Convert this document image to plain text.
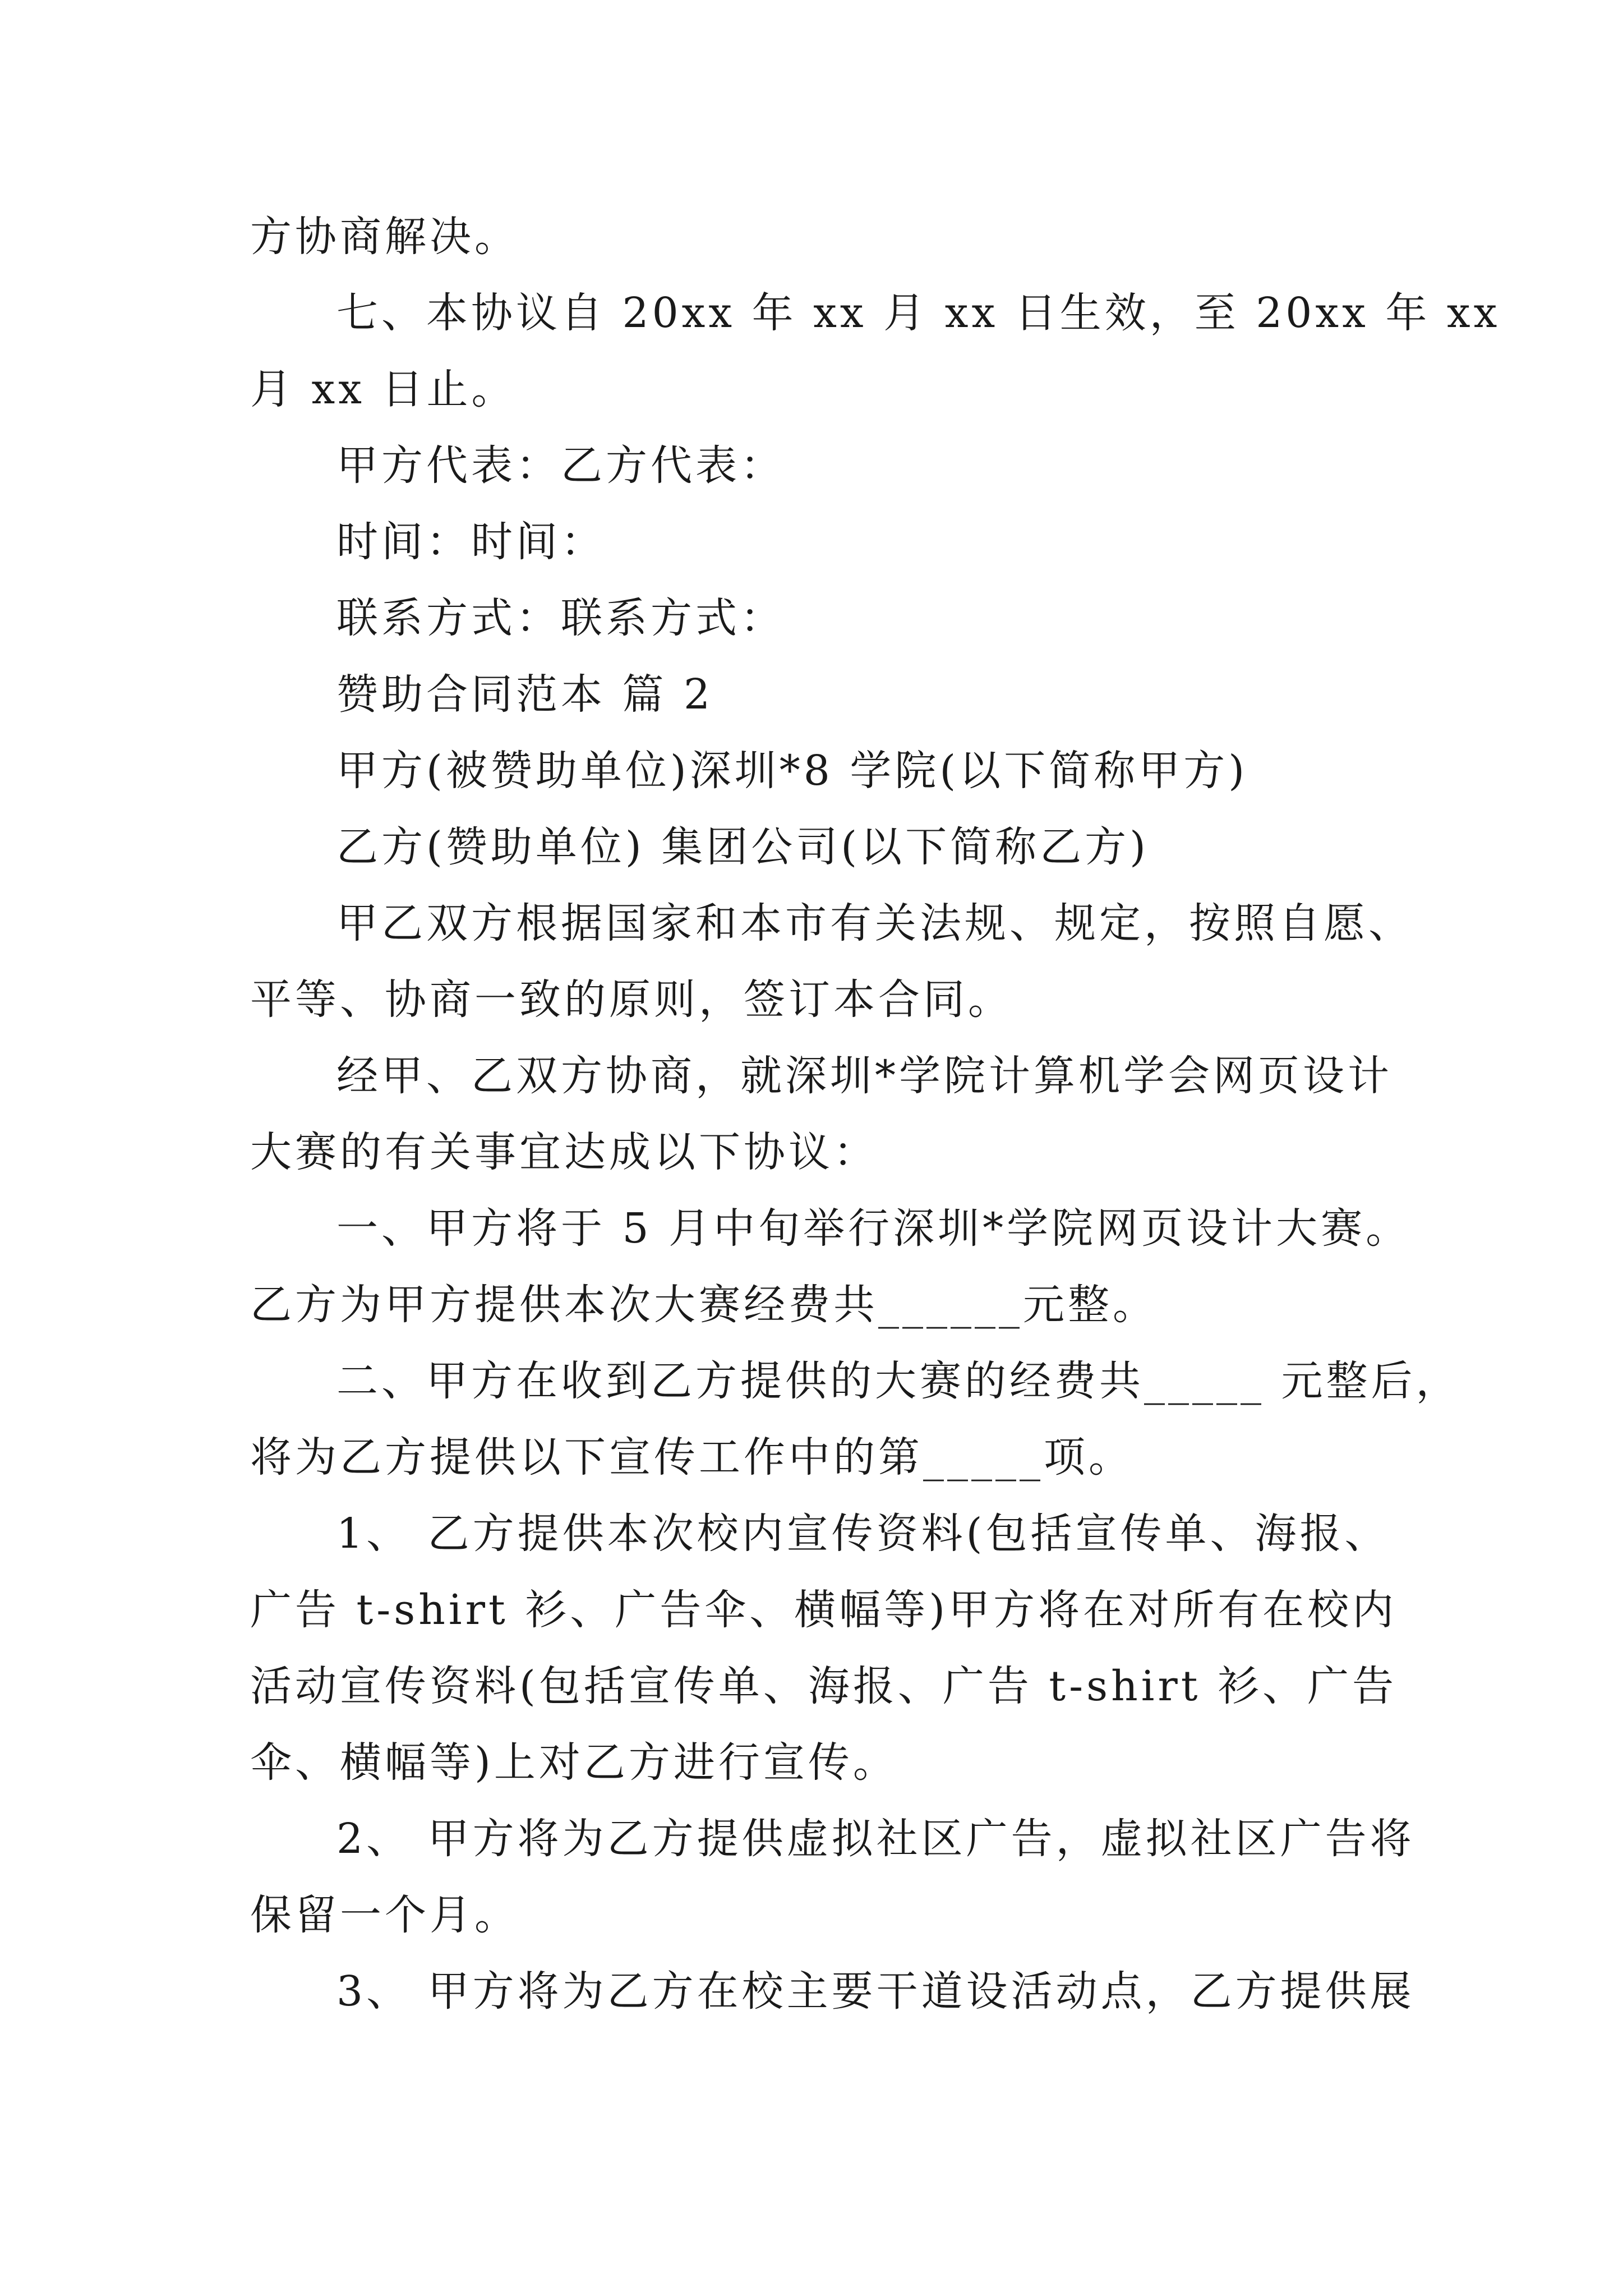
方协商解决。

七、本协议自 20xx 年 xx 月 xx 日生效，至 20xx 年 xx

月 xx 日止。

甲方代表：乙方代表：

时间：时间：

联系方式：联系方式：

赞助合同范本 篇 2

甲方(被赞助单位)深圳*8 学院(以下简称甲方)

乙方(赞助单位) 集团公司(以下简称乙方)

甲乙双方根据国家和本市有关法规、规定，按照自愿、

平等、协商一致的原则，签订本合同。

经甲、乙双方协商，就深圳*学院计算机学会网页设计

大赛的有关事宜达成以下协议：

一、甲方将于 5 月中旬举行深圳*学院网页设计大赛。

乙方为甲方提供本次大赛经费共______元整。

二、甲方在收到乙方提供的大赛的经费共_____ 元整后，

将为乙方提供以下宣传工作中的第_____项。

1、 乙方提供本次校内宣传资料(包括宣传单、海报、

广告 t-shirt 衫、广告伞、横幅等)甲方将在对所有在校内

活动宣传资料(包括宣传单、海报、广告 t-shirt 衫、广告

伞、横幅等)上对乙方进行宣传。

2、 甲方将为乙方提供虚拟社区广告，虚拟社区广告将

保留一个月。

3、 甲方将为乙方在校主要干道设活动点，乙方提供展
